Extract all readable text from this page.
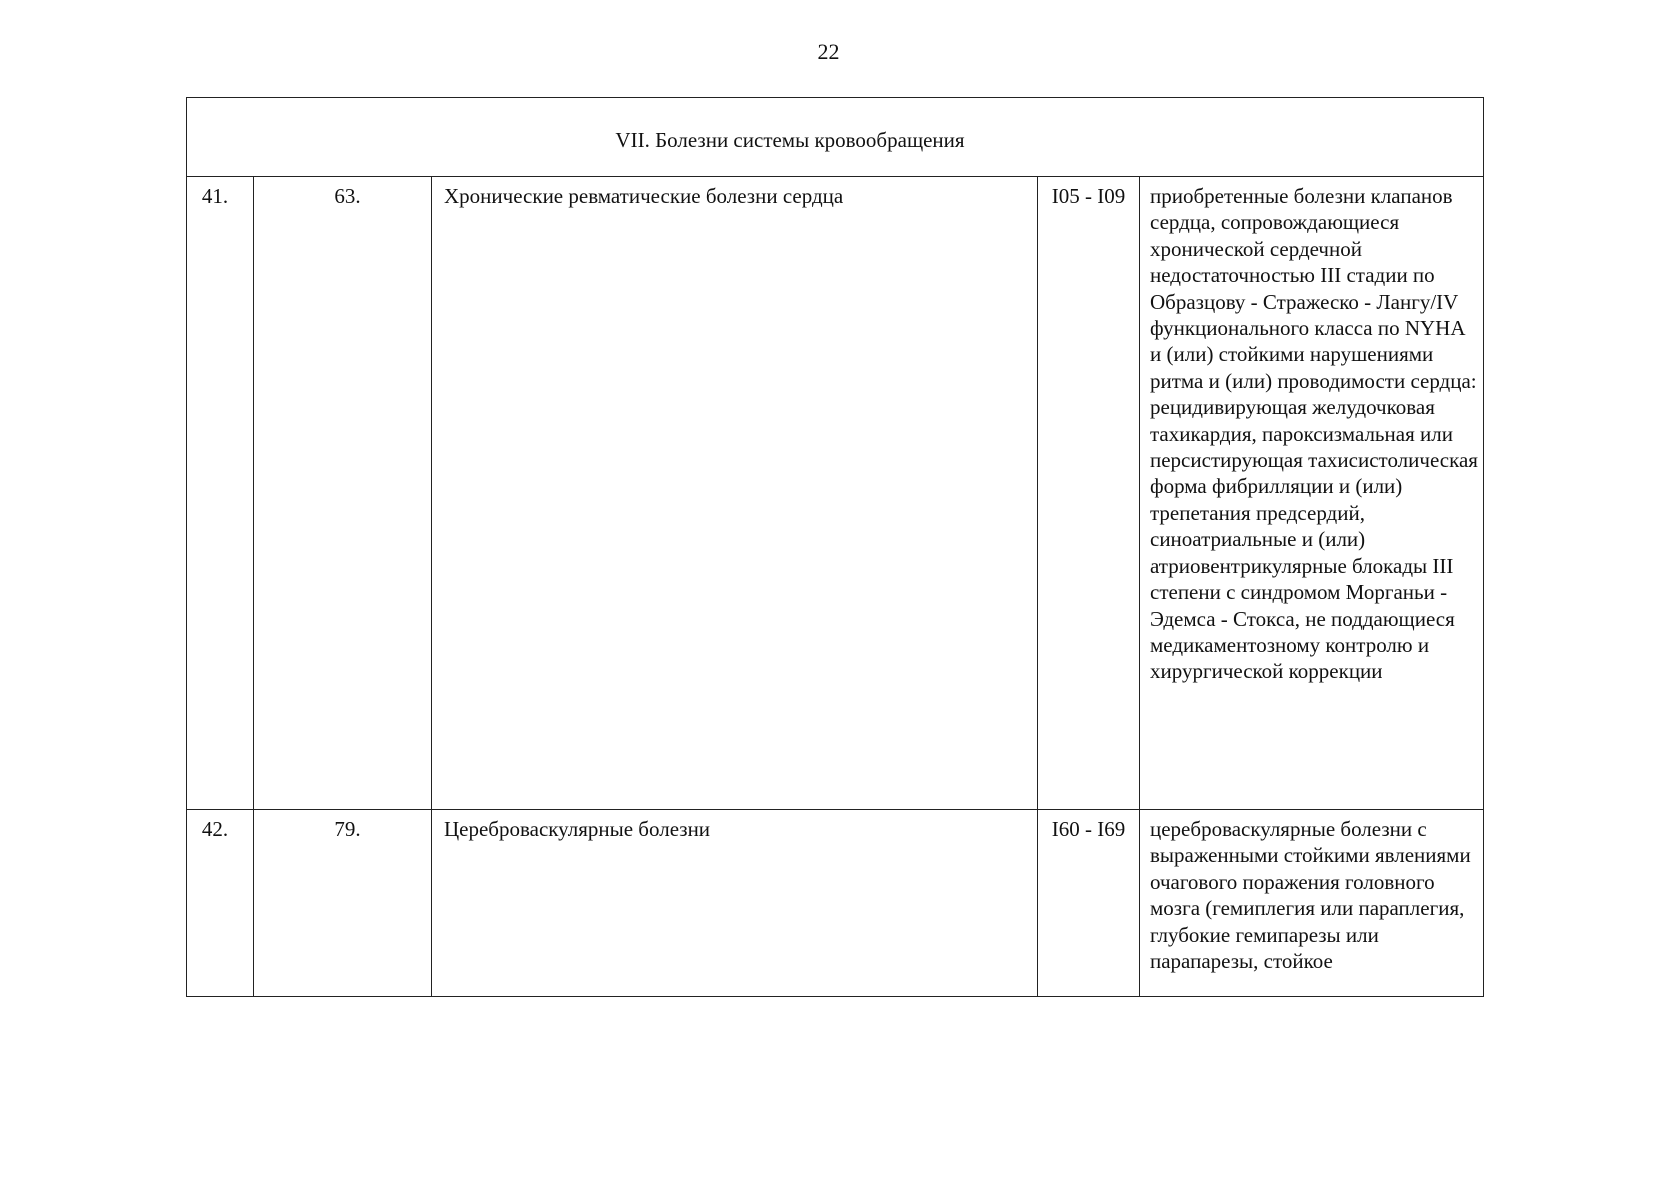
22
VII. Болезни системы кровообращения				

41.	63.	Хронические ревматические болезни сердца	I05 - I09	приобретенные болезни клапанов сердца, сопровождающиеся хронической сердечной недостаточностью III стадии по Образцову - Стражеско - Лангу/IV функционального класса по NYHA и (или) стойкими нарушениями ритма и (или) проводимости сердца: рецидивирующая желудочковая тахикардия, пароксизмальная или персистирующая тахисистолическая форма фибрилляции и (или) трепетания предсердий, синоатриальные и (или) атриовентрикулярные блокады III степени с синдромом Морганьи - Эдемса - Стокса, не поддающиеся медикаментозному контролю и хирургической коррекции

42.	79.	Цереброваскулярные болезни	I60 - I69	цереброваскулярные болезни с выраженными стойкими явлениями очагового поражения головного мозга (гемиплегия или параплегия, глубокие гемипарезы или парапарезы, стойкое
